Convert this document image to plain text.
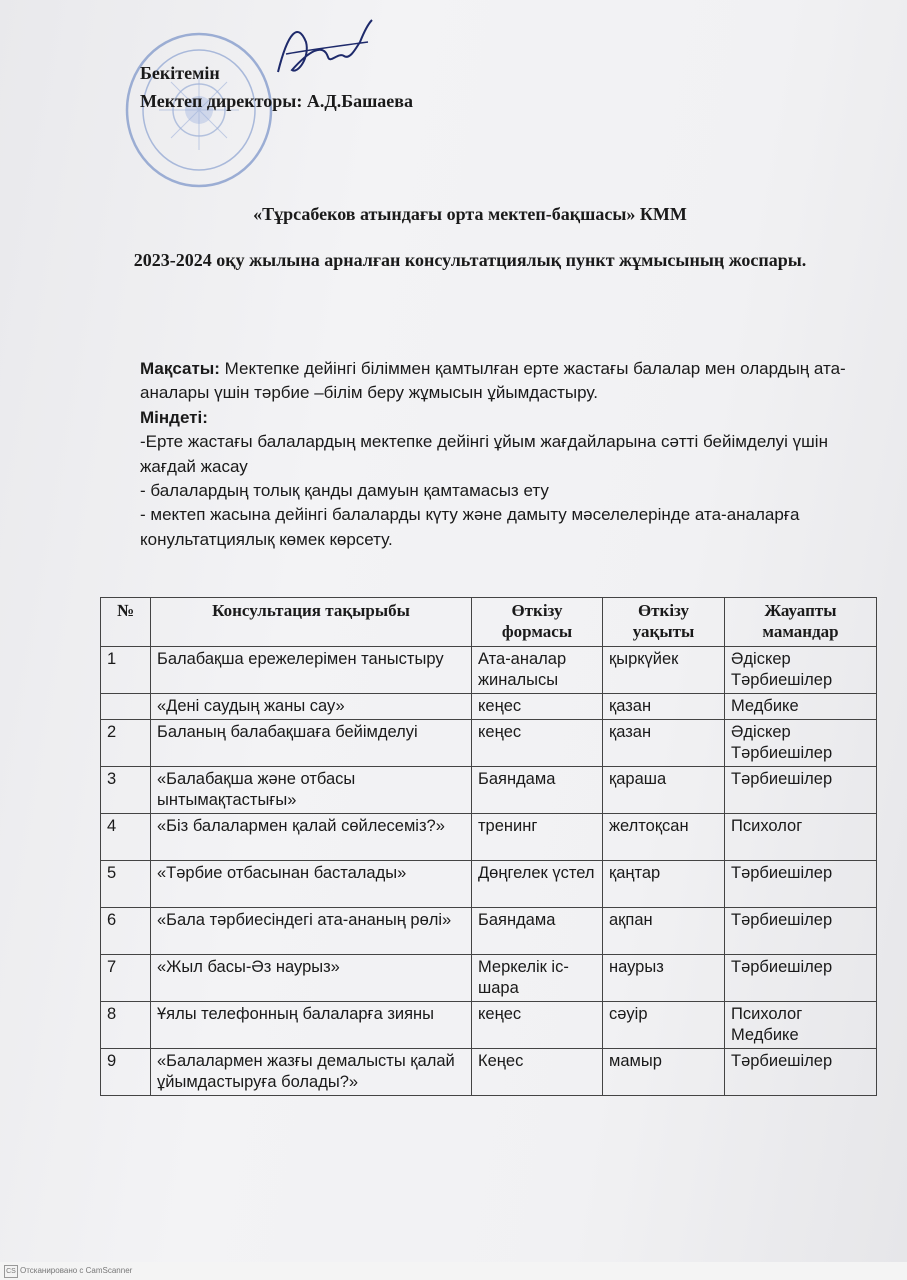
Бекітемін
Мектеп директоры: А.Д.Башаева
«Тұрсабеков атындағы орта мектеп-бақшасы» КММ
2023-2024 оқу жылына арналған консультатциялық пункт жұмысының жоспары.
Мақсаты: Мектепке дейінгі біліммен қамтылған ерте жастағы балалар мен олардың ата-аналары үшін тәрбие –білім беру жұмысын ұйымдастыру.
Міндеті:
-Ерте жастағы балалардың мектепке дейінгі ұйым жағдайларына сәтті бейімделуі үшін жағдай жасау
- балалардың толық қанды дамуын қамтамасыз ету
- мектеп жасына дейінгі балаларды күту және дамыту мәселелерінде ата-аналарға конультатциялық көмек көрсету.
№	Консультация тақырыбы	Өткізу формасы	Өткізу уақыты	Жауапты мамандар
1	Балабақша ережелерімен таныстыру	Ата-аналар жиналысы	қыркүйек	Әдіскер Тәрбиешілер
	«Дені саудың жаны сау»	кеңес	қазан	Медбике
2	Баланың балабақшаға бейімделуі	кеңес	қазан	Әдіскер Тәрбиешілер
3	«Балабақша және отбасы ынтымақтастығы»	Баяндама	қараша	Тәрбиешілер
4	«Біз балалармен қалай сөйлесеміз?»	тренинг	желтоқсан	Психолог
5	«Тәрбие отбасынан басталады»	Дөңгелек үстел	қаңтар	Тәрбиешілер
6	«Бала тәрбиесіндегі ата-ананың рөлі»	Баяндама	ақпан	Тәрбиешілер
7	«Жыл басы-Әз наурыз»	Меркелік іс-шара	наурыз	Тәрбиешілер
8	Ұялы телефонның балаларға зияны	кеңес	сәуір	Психолог Медбике
9	«Балалармен жазғы демалысты қалай ұйымдастыруға болады?»	Кеңес	мамыр	Тәрбиешілер
CS Отсканировано с CamScanner
